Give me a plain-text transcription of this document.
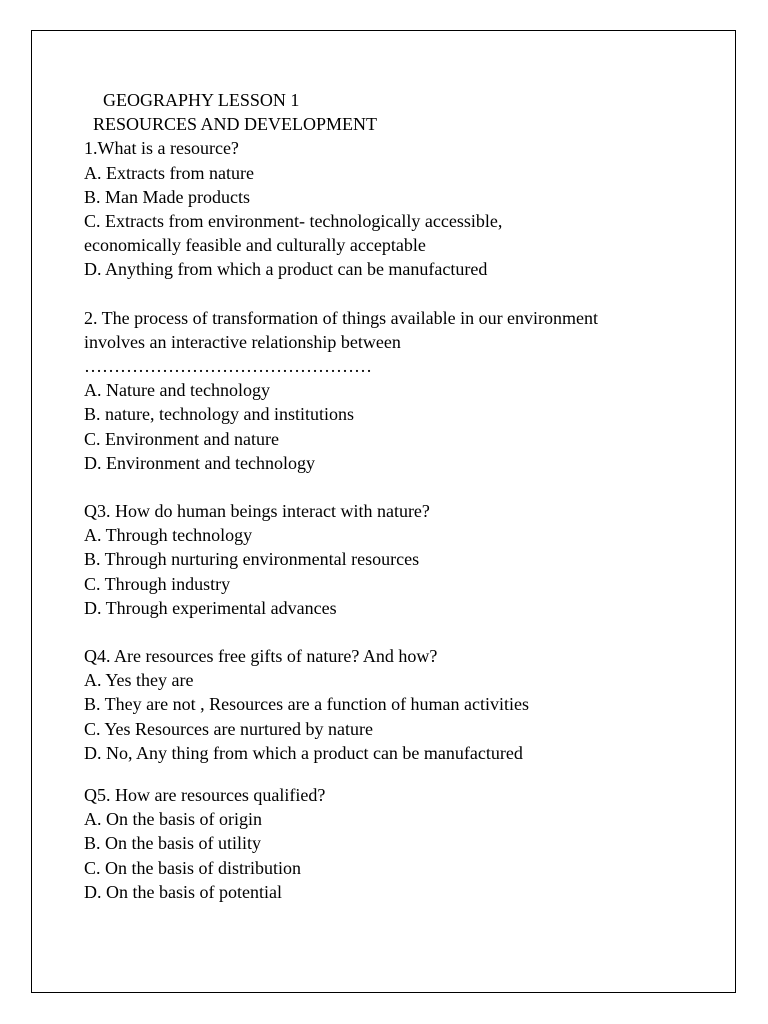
GEOGRAPHY LESSON 1
RESOURCES AND DEVELOPMENT
1.What is a resource?
A. Extracts from nature
B. Man Made products
C. Extracts from environment- technologically accessible,
economically feasible and culturally acceptable
D. Anything from which a product can be manufactured
2. The process of transformation of things available in our environment
involves an interactive relationship between
…………………………………………
A. Nature and technology
B. nature, technology and institutions
C. Environment and nature
D. Environment and technology
Q3. How do human beings interact with nature?
A. Through technology
B. Through nurturing environmental resources
C. Through industry
D. Through experimental advances
Q4. Are resources free gifts of nature? And how?
A. Yes they are
B. They are not , Resources are a function of human activities
C. Yes Resources are nurtured by nature
D. No, Any thing from which a product can be manufactured
Q5. How are resources qualified?
A. On the basis of origin
B. On the basis of utility
C. On the basis of distribution
D. On the basis of potential
